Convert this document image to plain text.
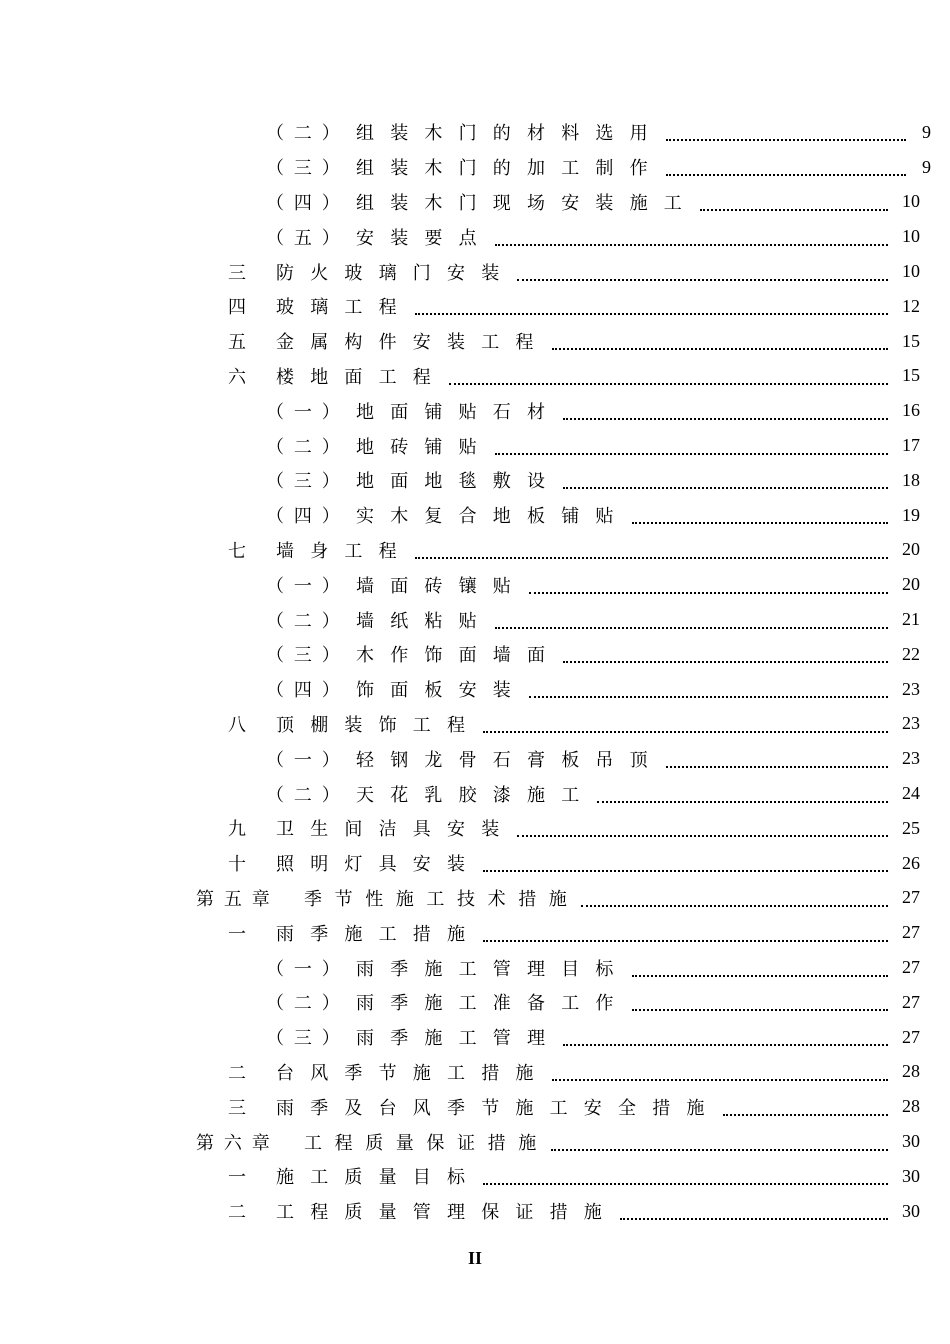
（二） 组装木门的材料选用	9
（三） 组装木门的加工制作	9
（四） 组装木门现场安装施工	10
（五） 安装要点	10
三	防火玻璃门安装	10
四	玻璃工程	12
五	金属构件安装工程	15
六	楼地面工程	15
（一） 地面铺贴石材	16
（二） 地砖铺贴	17
（三） 地面地毯敷设	18
（四） 实木复合地板铺贴	19
七	墙身工程	20
（一） 墙面砖镶贴	20
（二） 墙纸粘贴	21
（三） 木作饰面墙面	22
（四） 饰面板安装	23
八	顶棚装饰工程	23
（一） 轻钢龙骨石膏板吊顶	23
（二） 天花乳胶漆施工	24
九	卫生间洁具安装	25
十	照明灯具安装	26
第五章	季节性施工技术措施	27
一	雨季施工措施	27
（一） 雨季施工管理目标	27
（二） 雨季施工准备工作	27
（三） 雨季施工管理	27
二	台风季节施工措施	28
三	雨季及台风季节施工安全措施	28
第六章	工程质量保证措施	30
一	施工质量目标	30
二	工程质量管理保证措施	30
II
